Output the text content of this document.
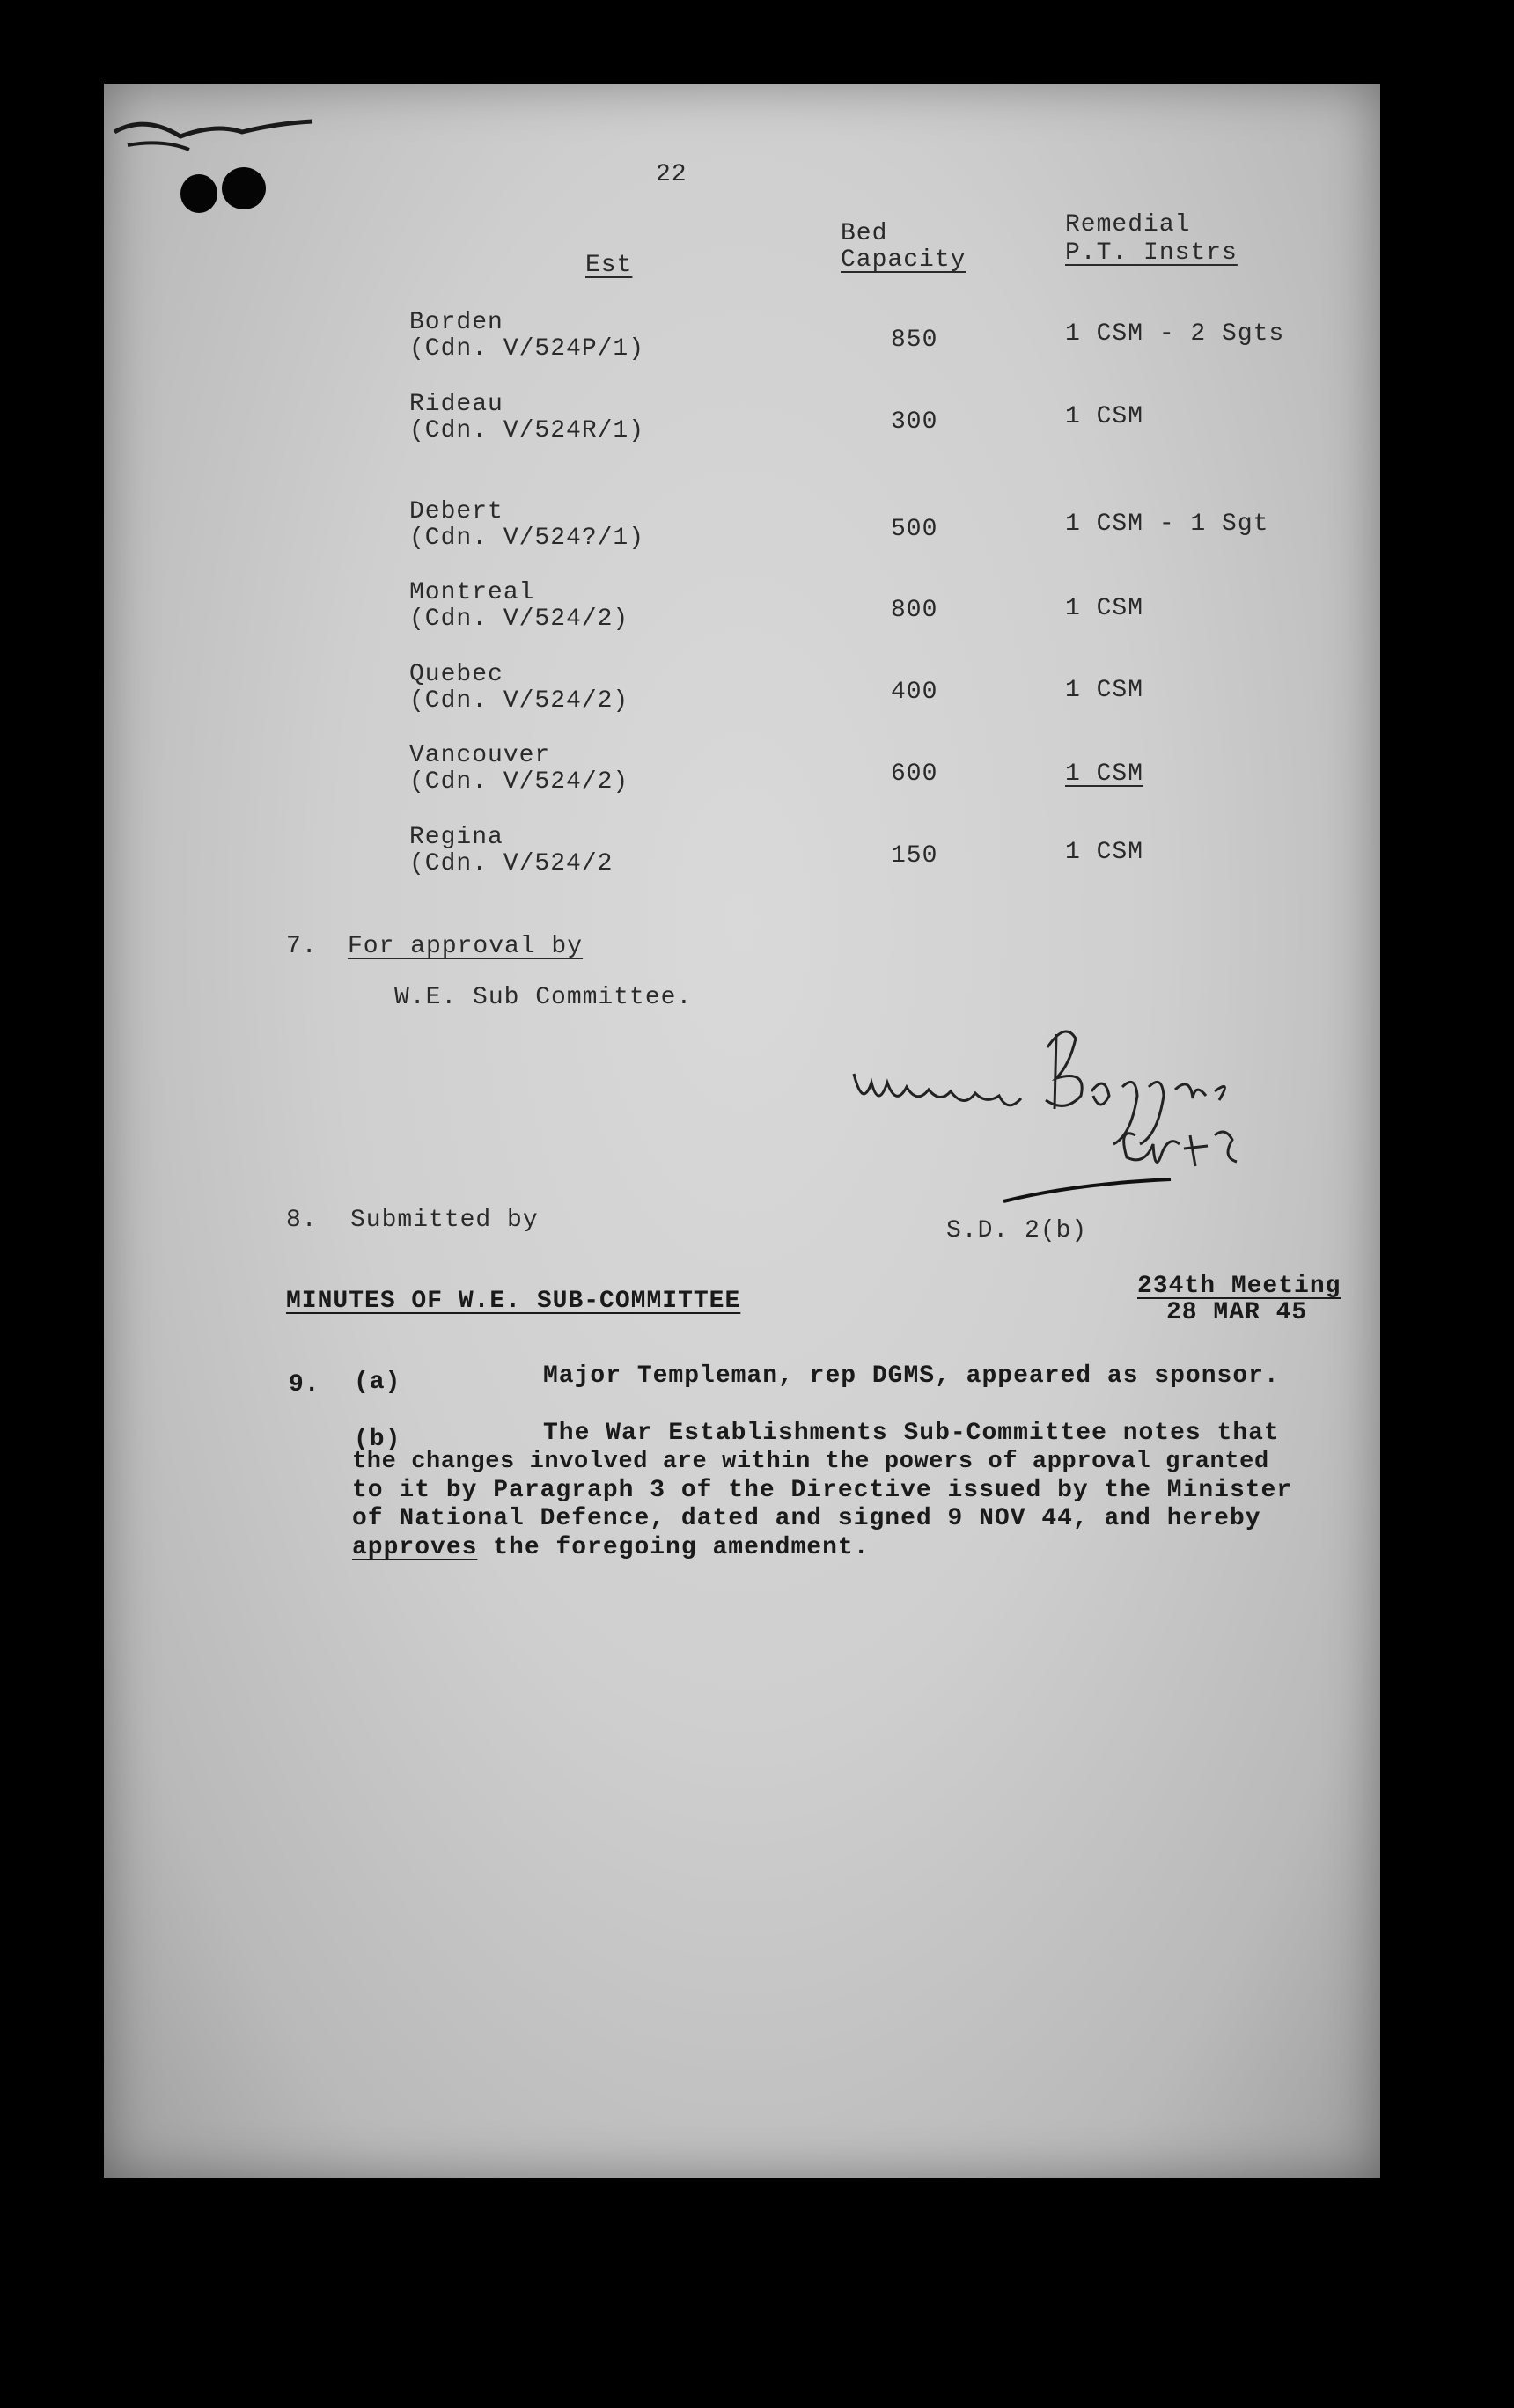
22
Est
Bed
Capacity
Remedial
P.T. Instrs
Borden
(Cdn. V/524P/1)	850	1 CSM - 2 Sgts
Rideau
(Cdn. V/524R/1)	300	1 CSM
Debert
(Cdn. V/524?/1)	500	1 CSM - 1 Sgt
Montreal
(Cdn. V/524/2)	800	1 CSM
Quebec
(Cdn. V/524/2)	400	1 CSM
Vancouver
(Cdn. V/524/2)	600	1 CSM
Regina
(Cdn. V/524/2	150	1 CSM
7. For approval by
W.E. Sub Committee.
8. Submitted by	S.D. 2(b)
MINUTES OF W.E. SUB-COMMITTEE
234th Meeting
28 MAR 45
9. (a)	Major Templeman, rep DGMS, appeared as sponsor.
(b)	The War Establishments Sub-Committee notes that
the changes involved are within the powers of approval granted
to it by Paragraph 3 of the Directive issued by the Minister
of National Defence, dated and signed 9 NOV 44, and hereby
approves the foregoing amendment.
